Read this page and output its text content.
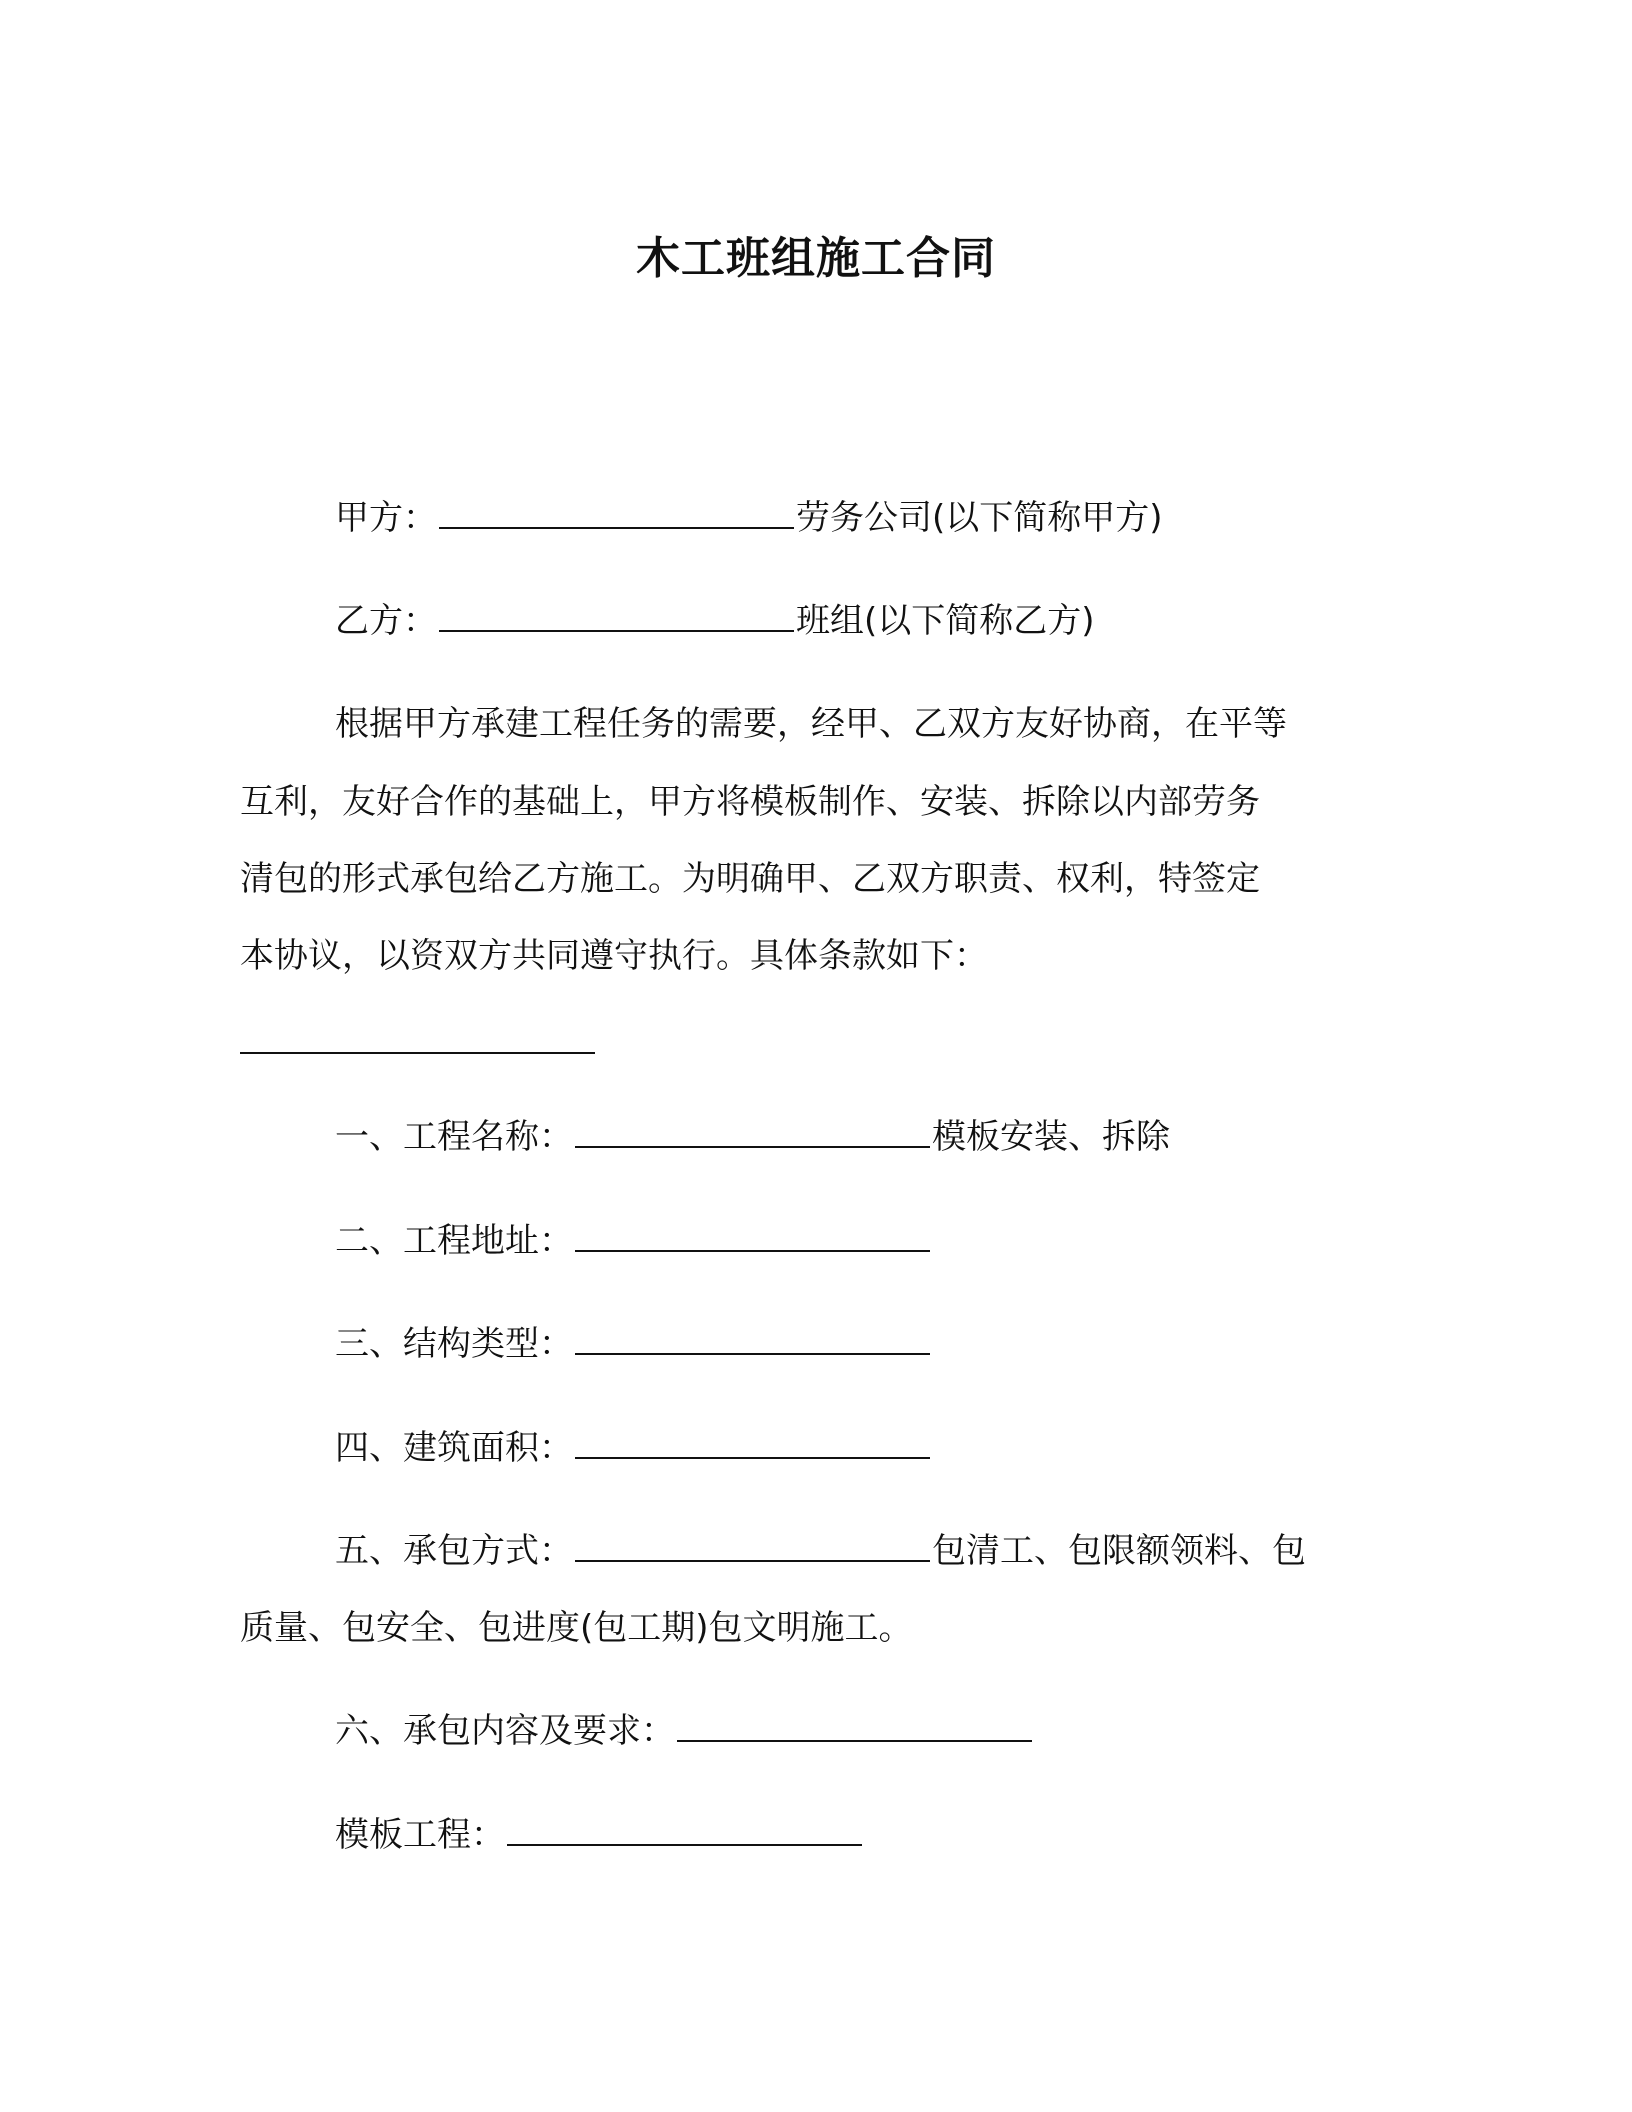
木工班组施工合同
甲方：	劳务公司(以下简称甲方)
乙方：	班组(以下简称乙方)
根据甲方承建工程任务的需要，经甲、乙双方友好协商，在平等
互利，友好合作的基础上，甲方将模板制作、安装、拆除以内部劳务
清包的形式承包给乙方施工。为明确甲、乙双方职责、权利，特签定
本协议，以资双方共同遵守执行。具体条款如下：
一、工程名称：	模板安装、拆除
二、工程地址：
三、结构类型：
四、建筑面积：
五、承包方式：	包清工、包限额领料、包
质量、包安全、包进度(包工期)包文明施工。
六、承包内容及要求：
模板工程：
